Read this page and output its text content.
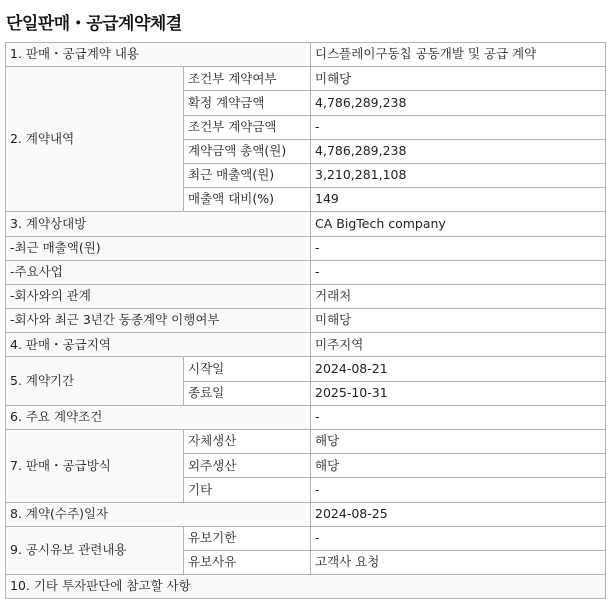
단일판매・공급계약체결
1. 판매・공급계약 내용		디스플레이구동칩 공동개발 및 공급 계약
2. 계약내역	조건부 계약여부	미해당
	확정 계약금액	4,786,289,238
	조건부 계약금액	-
	계약금액 총액(원)	4,786,289,238
	최근 매출액(원)	3,210,281,108
	매출액 대비(%)	149
3. 계약상대방		CA BigTech company
-최근 매출액(원)		-
-주요사업		-
-회사와의 관계		거래처
-회사와 최근 3년간 동종계약 이행여부		미해당
4. 판매・공급지역		미주지역
5. 계약기간	시작일	2024-08-21
	종료일	2025-10-31
6. 주요 계약조건		-
7. 판매・공급방식	자체생산	해당
	외주생산	해당
	기타	-
8. 계약(수주)일자		2024-08-25
9. 공시유보 관련내용	유보기한	-
	유보사유	고객사 요청
10. 기타 투자판단에 참고할 사항		
